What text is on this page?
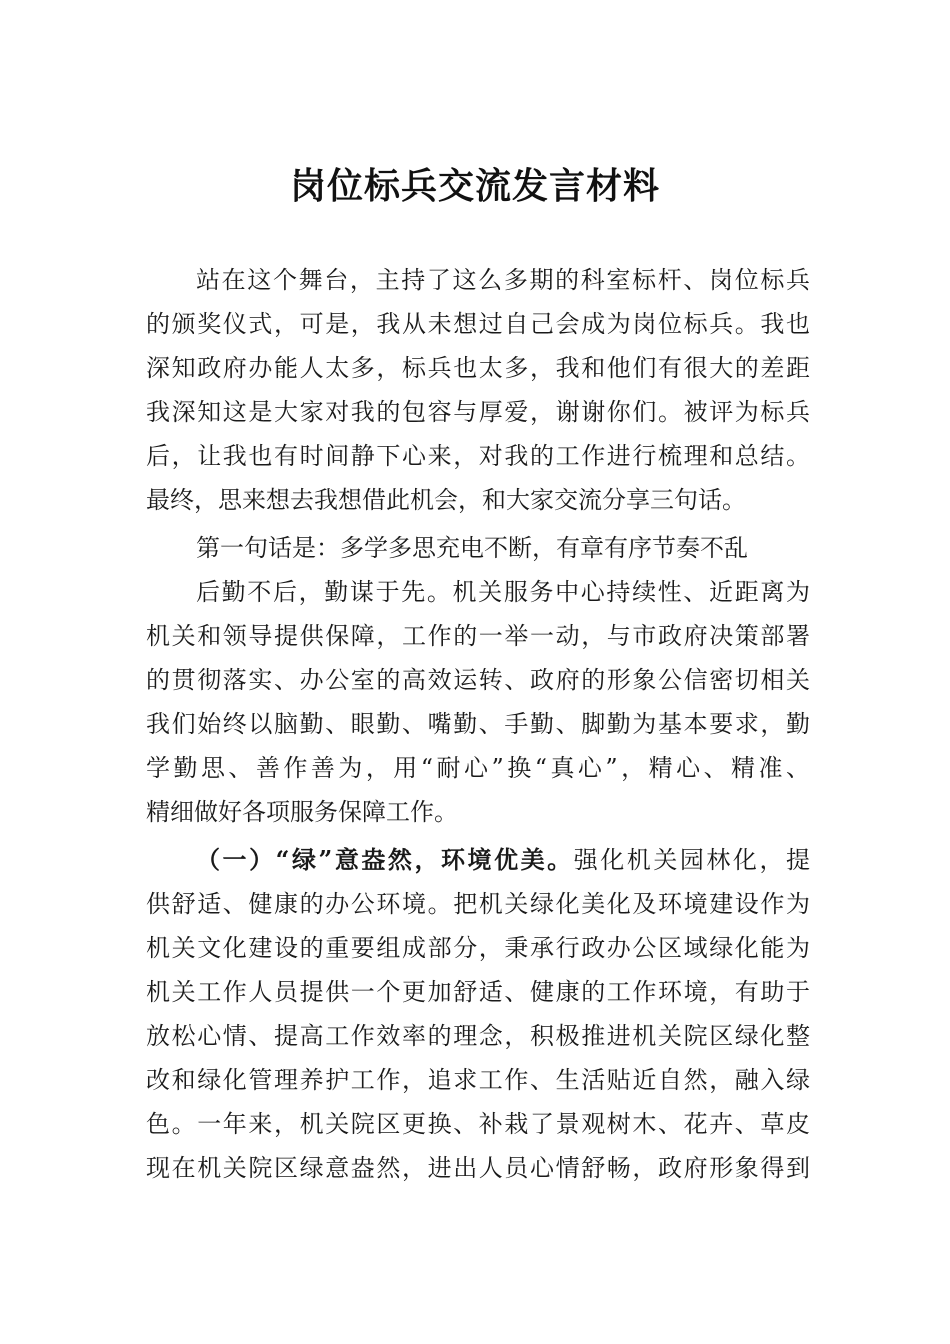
岗位标兵交流发言材料
站在这个舞台，主持了这么多期的科室标杆、岗位标兵
的颁奖仪式，可是，我从未想过自己会成为岗位标兵。我也
深知政府办能人太多，标兵也太多，我和他们有很大的差距
我深知这是大家对我的包容与厚爱，谢谢你们。被评为标兵
后，让我也有时间静下心来，对我的工作进行梳理和总结。
最终，思来想去我想借此机会，和大家交流分享三句话。
第一句话是：多学多思充电不断，有章有序节奏不乱
后勤不后，勤谋于先。机关服务中心持续性、近距离为
机关和领导提供保障，工作的一举一动，与市政府决策部署
的贯彻落实、办公室的高效运转、政府的形象公信密切相关
我们始终以脑勤、眼勤、嘴勤、手勤、脚勤为基本要求，勤
学勤思、善作善为，用“耐心”换“真心”，精心、精准、
精细做好各项服务保障工作。
（一）“绿”意盎然，环境优美。强化机关园林化，提
供舒适、健康的办公环境。把机关绿化美化及环境建设作为
机关文化建设的重要组成部分，秉承行政办公区域绿化能为
机关工作人员提供一个更加舒适、健康的工作环境，有助于
放松心情、提高工作效率的理念，积极推进机关院区绿化整
改和绿化管理养护工作，追求工作、生活贴近自然，融入绿
色。一年来，机关院区更换、补栽了景观树木、花卉、草皮
现在机关院区绿意盎然，进出人员心情舒畅，政府形象得到
